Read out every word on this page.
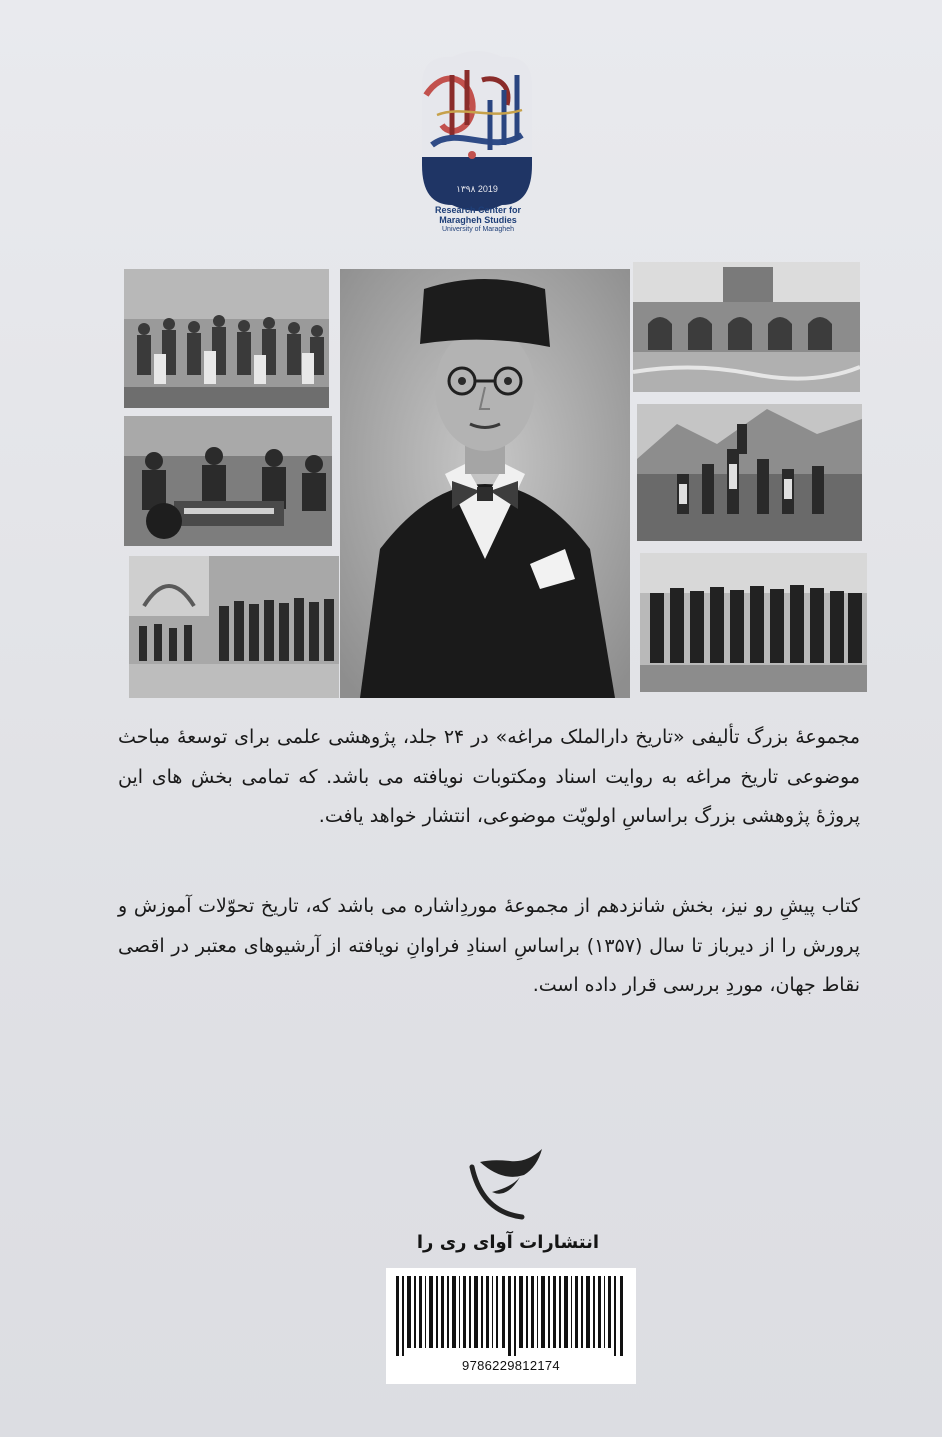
۱۳۹۸ 2019
Research Center for
Maragheh Studies
University of Maragheh

مجموعهٔ بزرگ تألیفی «تاریخ دارالملک مراغه» در ۲۴ جلد، پژوهشی علمی برای توسعهٔ مباحث موضوعی تاریخ مراغه به روایت اسناد ومکتوبات نویافته می باشد. که تمامی بخش های این پروژهٔ پژوهشی بزرگ براساسِ اولویّت موضوعی، انتشار خواهد یافت.

کتاب پیشِ رو نیز، بخش شانزدهم از مجموعهٔ موردِاشاره می باشد که، تاریخ تحوّلات آموزش و پرورش را از دیرباز تا سال (۱۳۵۷) براساسِ اسنادِ فراوانِ نویافته از آرشیوهای معتبر در اقصی نقاط جهان، موردِ بررسی قرار داده است.

انتشارات آوای ری را
9786229812174
